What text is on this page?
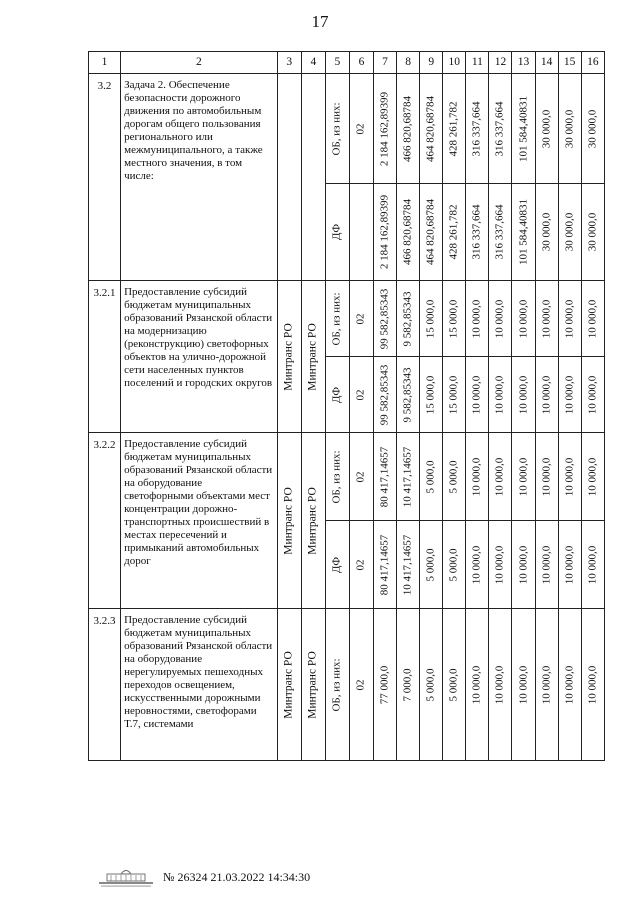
17
1	2	3	4	5	6	7	8	9	10	11	12	13	14	15	16
3.2	Задача 2. Обеспечение безопасности дорожного движения по автомобильным дорогам общего пользования регионального или межмуниципального, а также местного значения, в том числе:			ОБ, из них:	02	2 184 162,89399	466 820,68784	464 820,68784	428 261,782	316 337,664	316 337,664	101 584,40831	30 000,0	30 000,0	30 000,0

				ДФ		2 184 162,89399	466 820,68784	464 820,68784	428 261,782	316 337,664	316 337,664	101 584,40831	30 000,0	30 000,0	30 000,0

3.2.1	Предоставление субсидий бюджетам муниципальных образований Рязанской области на модернизацию (реконструкцию) светофорных объектов на улично-дорожной сети населенных пунктов поселений и городских округов	Минтранс РО	Минтранс РО	ОБ, из них:	02	99 582,85343	9 582,85343	15 000,0	15 000,0	10 000,0	10 000,0	10 000,0	10 000,0	10 000,0	10 000,0

				ДФ	02	99 582,85343	9 582,85343	15 000,0	15 000,0	10 000,0	10 000,0	10 000,0	10 000,0	10 000,0	10 000,0

3.2.2	Предоставление субсидий бюджетам муниципальных образований Рязанской области на оборудование светофорными объектами мест концентрации дорожно-транспортных происшествий в местах пересечений и примыканий автомобильных дорог	Минтранс РО	Минтранс РО	ОБ, из них:	02	80 417,14657	10 417,14657	5 000,0	5 000,0	10 000,0	10 000,0	10 000,0	10 000,0	10 000,0	10 000,0

				ДФ	02	80 417,14657	10 417,14657	5 000,0	5 000,0	10 000,0	10 000,0	10 000,0	10 000,0	10 000,0	10 000,0

3.2.3	Предоставление субсидий бюджетам муниципальных образований Рязанской области на оборудование нерегулируемых пешеходных переходов освещением, искусственными дорожными неровностями, светофорами Т.7, системами	Минтранс РО	Минтранс РО	ОБ, из них:	02	77 000,0	7 000,0	5 000,0	5 000,0	10 000,0	10 000,0	10 000,0	10 000,0	10 000,0	10 000,0
№ 26324 21.03.2022 14:34:30
